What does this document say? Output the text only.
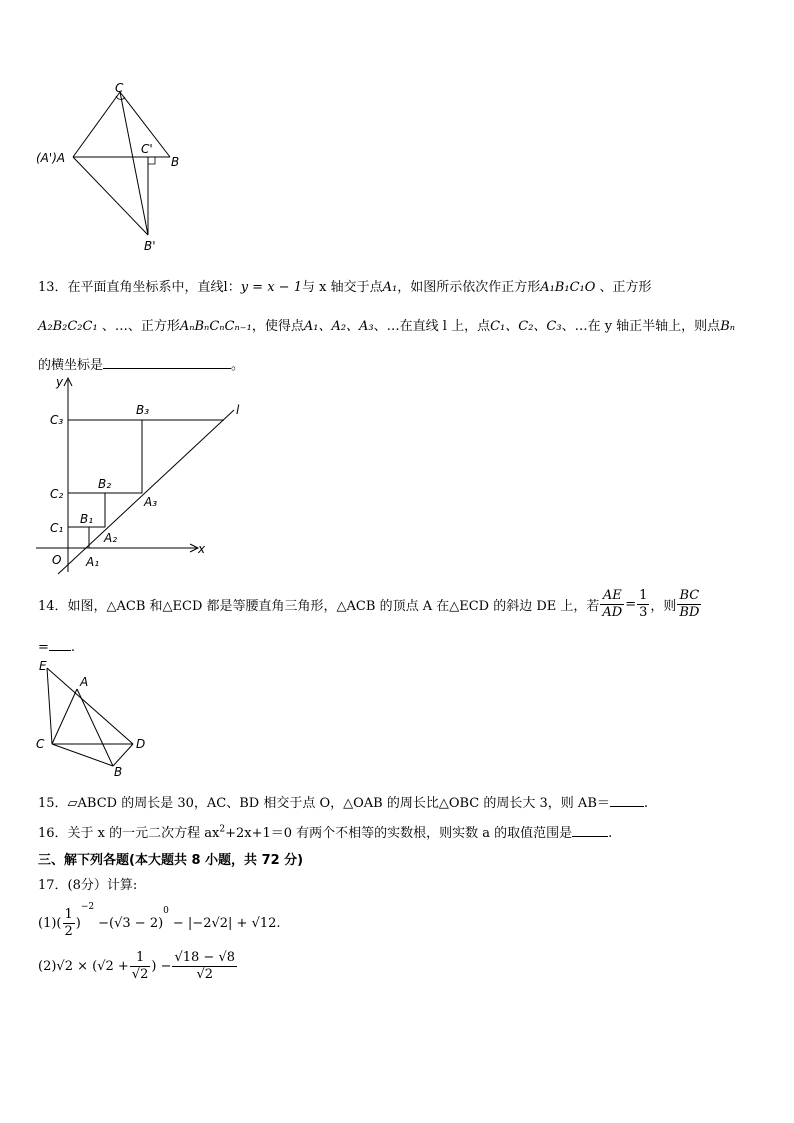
C
(A')A	B
C'
B'
13．在平面直角坐标系中，直线l：y = x − 1与 x 轴交于点A₁，如图所示依次作正方形A₁B₁C₁O 、正方形
A₂B₂C₂C₁ 、…、正方形AₙBₙCₙCₙ₋₁，使得点A₁、A₂、A₃、…在直线 l 上，点C₁、C₂、C₃、…在 y 轴正半轴上，则点Bₙ
的横坐标是	。
y
x
l
O
C₃
C₂
C₁
B₃
B₂
B₁
A₃
A₂
A₁
14．如图，△ACB 和△ECD 都是等腰直角三角形，△ACB 的顶点 A 在△ECD 的斜边 DE 上，若 $\frac{AE}{AD} = \frac{1}{3}$ ，则 $\frac{BC}{BD}$
= .
E
A
C	D
B
15．▱ABCD 的周长是 30，AC、BD 相交于点 O，△OAB 的周长比△OBC 的周长大 3，则 AB＝	.
16．关于 x 的一元二次方程 $ax^2+2x+1=0$ 有两个不相等的实数根，则实数 a 的取值范围是	.
三、解下列各题(本大题共 8 小题，共 72 分)
17．(8分）计算:
$(1)( \frac{1}{2} )^{-2}-(√3 - 2)^0- |-2√2| + √12$.
$(2)√2 \times (√2 + \frac{1}{√2}$ ) − $\frac{√18 - √8}{√2}$
